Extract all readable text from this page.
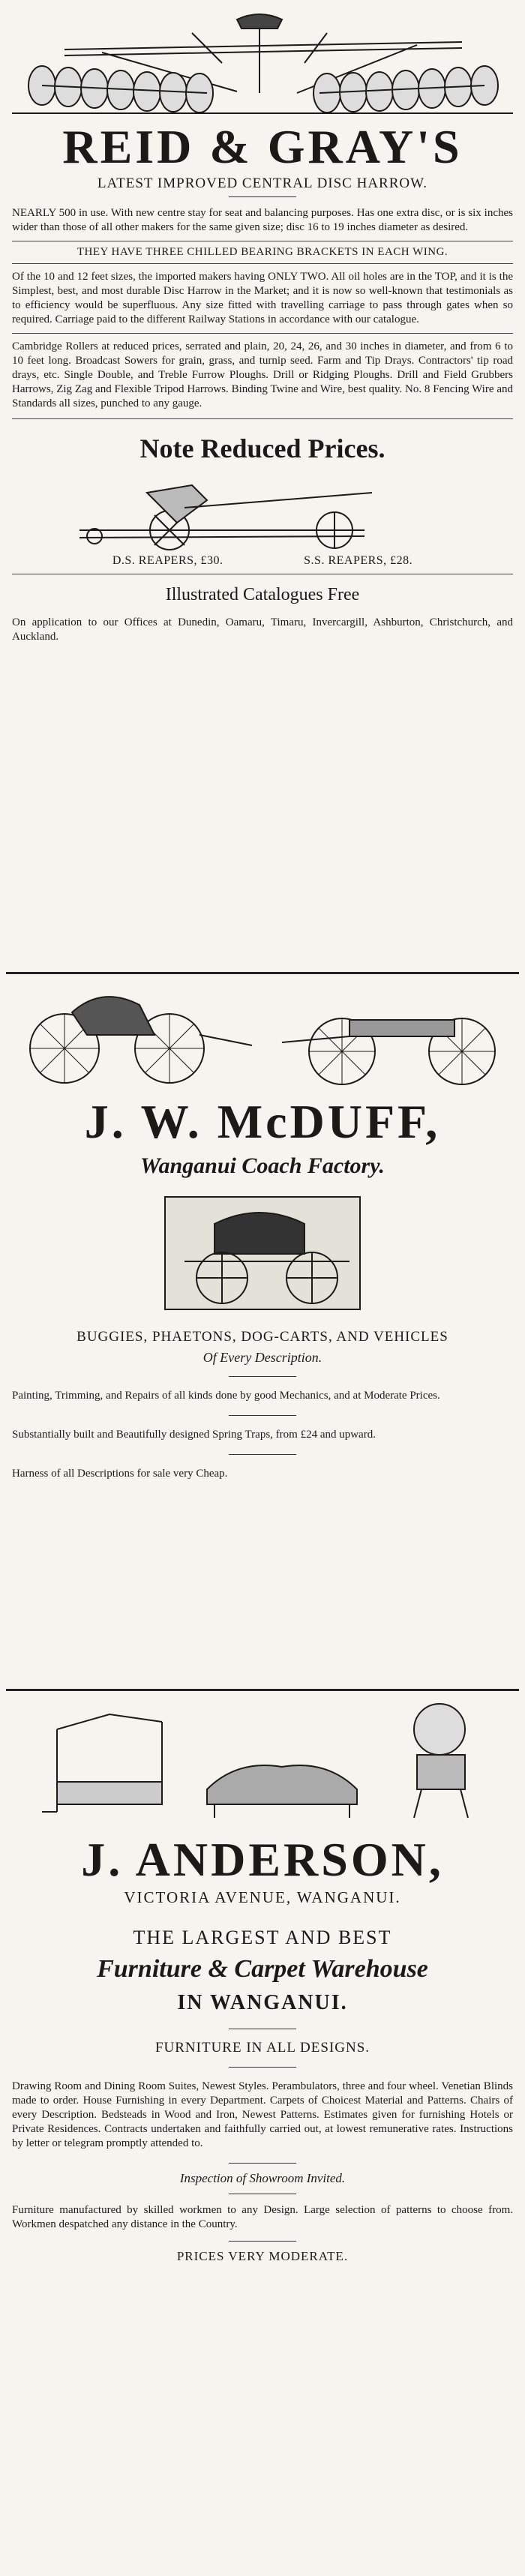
REID & GRAY'S
LATEST IMPROVED CENTRAL DISC HARROW.

NEARLY 500 in use. With new centre stay for seat and balancing purposes. Has one extra disc, or is six inches wider than those of all other makers for the same given size; disc 16 to 19 inches diameter as desired.

THEY HAVE THREE CHILLED BEARING BRACKETS IN EACH WING.

Of the 10 and 12 feet sizes, the imported makers having ONLY TWO. All oil holes are in the TOP, and it is the Simplest, best, and most durable Disc Harrow in the Market; and it is now so well-known that testimonials as to efficiency would be superfluous. Any size fitted with travelling carriage to pass through gates when so required. Carriage paid to the different Railway Stations in accordance with our catalogue.

Cambridge Rollers at reduced prices, serrated and plain, 20, 24, 26, and 30 inches in diameter, and from 6 to 10 feet long. Broadcast Sowers for grain, grass, and turnip seed. Farm and Tip Drays. Contractors' tip road drays, etc. Single Double, and Treble Furrow Ploughs. Drill or Ridging Ploughs. Drill and Field Grubbers Harrows, Zig Zag and Flexible Tripod Harrows. Binding Twine and Wire, best quality. No. 8 Fencing Wire and Standards all sizes, punched to any gauge.

Note Reduced Prices.
D.S. REAPERS, £30.	S.S. REAPERS, £28.
Illustrated Catalogues Free

On application to our Offices at Dunedin, Oamaru, Timaru, Invercargill, Ashburton, Christchurch, and Auckland.

J. W. McDUFF,
Wanganui Coach Factory.
BUGGIES, PHAETONS, DOG-CARTS, AND VEHICLES
Of Every Description.

Painting, Trimming, and Repairs of all kinds done by good Mechanics, and at Moderate Prices.

Substantially built and Beautifully designed Spring Traps, from £24 and upward.

Harness of all Descriptions for sale very Cheap.

J. ANDERSON,
VICTORIA AVENUE, WANGANUI.
THE LARGEST AND BEST
Furniture & Carpet Warehouse
IN WANGANUI.
FURNITURE IN ALL DESIGNS.

Drawing Room and Dining Room Suites, Newest Styles. Perambulators, three and four wheel. Venetian Blinds made to order. House Furnishing in every Department. Carpets of Choicest Material and Patterns. Chairs of every Description. Bedsteads in Wood and Iron, Newest Patterns. Estimates given for furnishing Hotels or Private Residences. Contracts undertaken and faithfully carried out, at lowest remunerative rates. Instructions by letter or telegram promptly attended to.

Inspection of Showroom Invited.

Furniture manufactured by skilled workmen to any Design. Large selection of patterns to choose from. Workmen despatched any distance in the Country.

PRICES VERY MODERATE.
